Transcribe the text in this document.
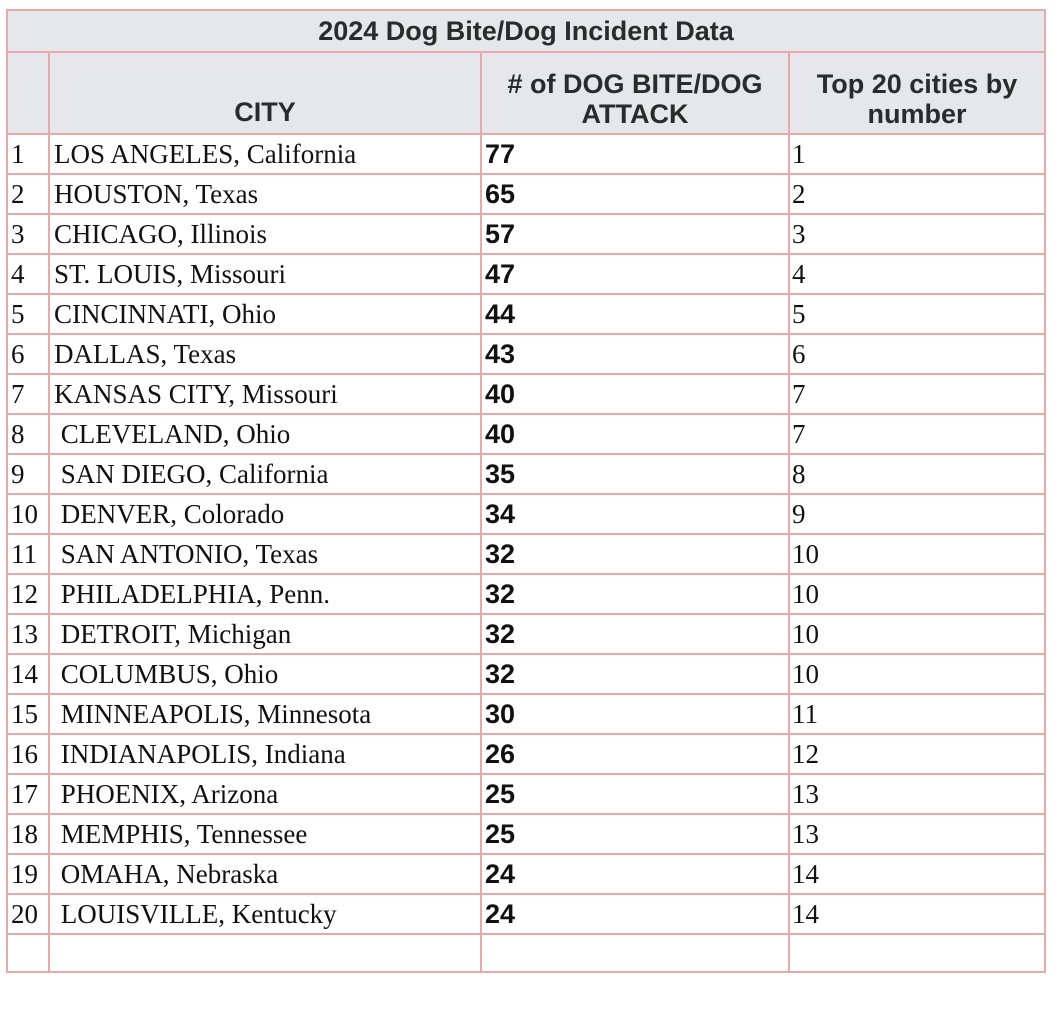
2024 Dog Bite/Dog Incident Data			
	CITY	# of DOG BITE/DOG ATTACK	Top 20 cities by number
1	LOS ANGELES, California	77	1
2	HOUSTON, Texas	65	2
3	CHICAGO, Illinois	57	3
4	ST. LOUIS, Missouri	47	4
5	CINCINNATI, Ohio	44	5
6	DALLAS, Texas	43	6
7	KANSAS CITY, Missouri	40	7
8	CLEVELAND, Ohio	40	7
9	SAN DIEGO, California	35	8
10	DENVER, Colorado	34	9
11	SAN ANTONIO, Texas	32	10
12	PHILADELPHIA, Penn.	32	10
13	DETROIT, Michigan	32	10
14	COLUMBUS, Ohio	32	10
15	MINNEAPOLIS, Minnesota	30	11
16	INDIANAPOLIS, Indiana	26	12
17	PHOENIX, Arizona	25	13
18	MEMPHIS, Tennessee	25	13
19	OMAHA, Nebraska	24	14
20	LOUISVILLE, Kentucky	24	14
